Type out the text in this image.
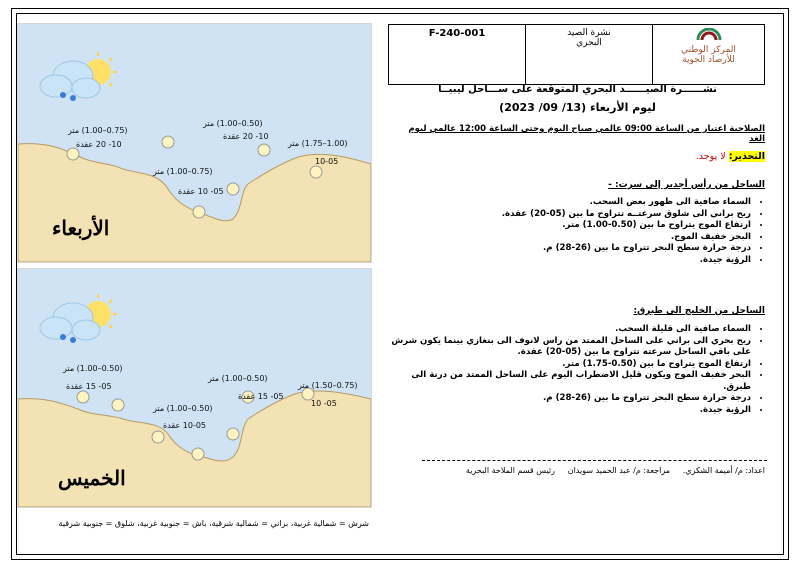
(0.75–1.00) متر
10- 20 عقدة
(0.50–1.00) متر
10- 20 عقدة
(1.00–1.75) متر
10-05
(0.75–1.00) متر
05- 10 عقدة
الأربعاء
(0.50–1.00) متر
05- 15 عقدة
(0.50–1.00) متر
05- 15 عقدة
(0.75–1.50) متر
05- 10
(0.50–1.00) متر
10-05 عقدة
الخميس
شرش = شمالية غربية، براني = شمالية شرقية، باش = جنوبية غربية، شلوق = جنوبية شرقية
F-240-001	نشرة الصيد
البحري

المركز الوطني
للأرصاد الجوية
نشــــــرة الصيــــــد البحري المتوقعة على ســـاحل ليبيــا
ليوم الأربعاء (13/ 09/ 2023)
الصلاحية اعتبار من الساعة 09:00 عالمي صباح اليوم وحتى الساعة 12:00 عالمي ليوم الغد
التحذير: لا يوجد.
الساحل من رأس أجدير إلى سرت: -
• السماء صافية الى ظهور بعض السحب.
• ريح براني الى شلوق سرعتــه تتراوح ما بين (05-20) عقدة.
• ارتفاع الموج يتراوح ما بين (0.50-1.00) متر.
• البحر خفيف الموج.
• درجة حرارة سطح البحر تتراوح ما بين (26-28) م.
• الرؤية جيدة.
الساحل من الخليج الى طبرق:
• السماء صافية الى قليلة السحب.
• ريح بحري الى براني على الساحل الممتد من راس لانوف الى بنغازي بينما يكون شرش على باقي الساحل سرعته تتراوح ما بين (05-20) عقدة.
• ارتفاع الموج يتراوح ما بين (0.50-1.75) متر.
• البحر خفيف الموج ويكون قليل الاضطراب اليوم على الساحل الممتد من درنة الى طبرق.
• درجة حرارة سطح البحر تتراوح ما بين (26-28) م.
• الرؤية جيدة.
اعداد: م/ أميمة الشكري.     مراجعة: م/ عبد الحميد سويدان     رئيس قسم الملاحة البحرية
